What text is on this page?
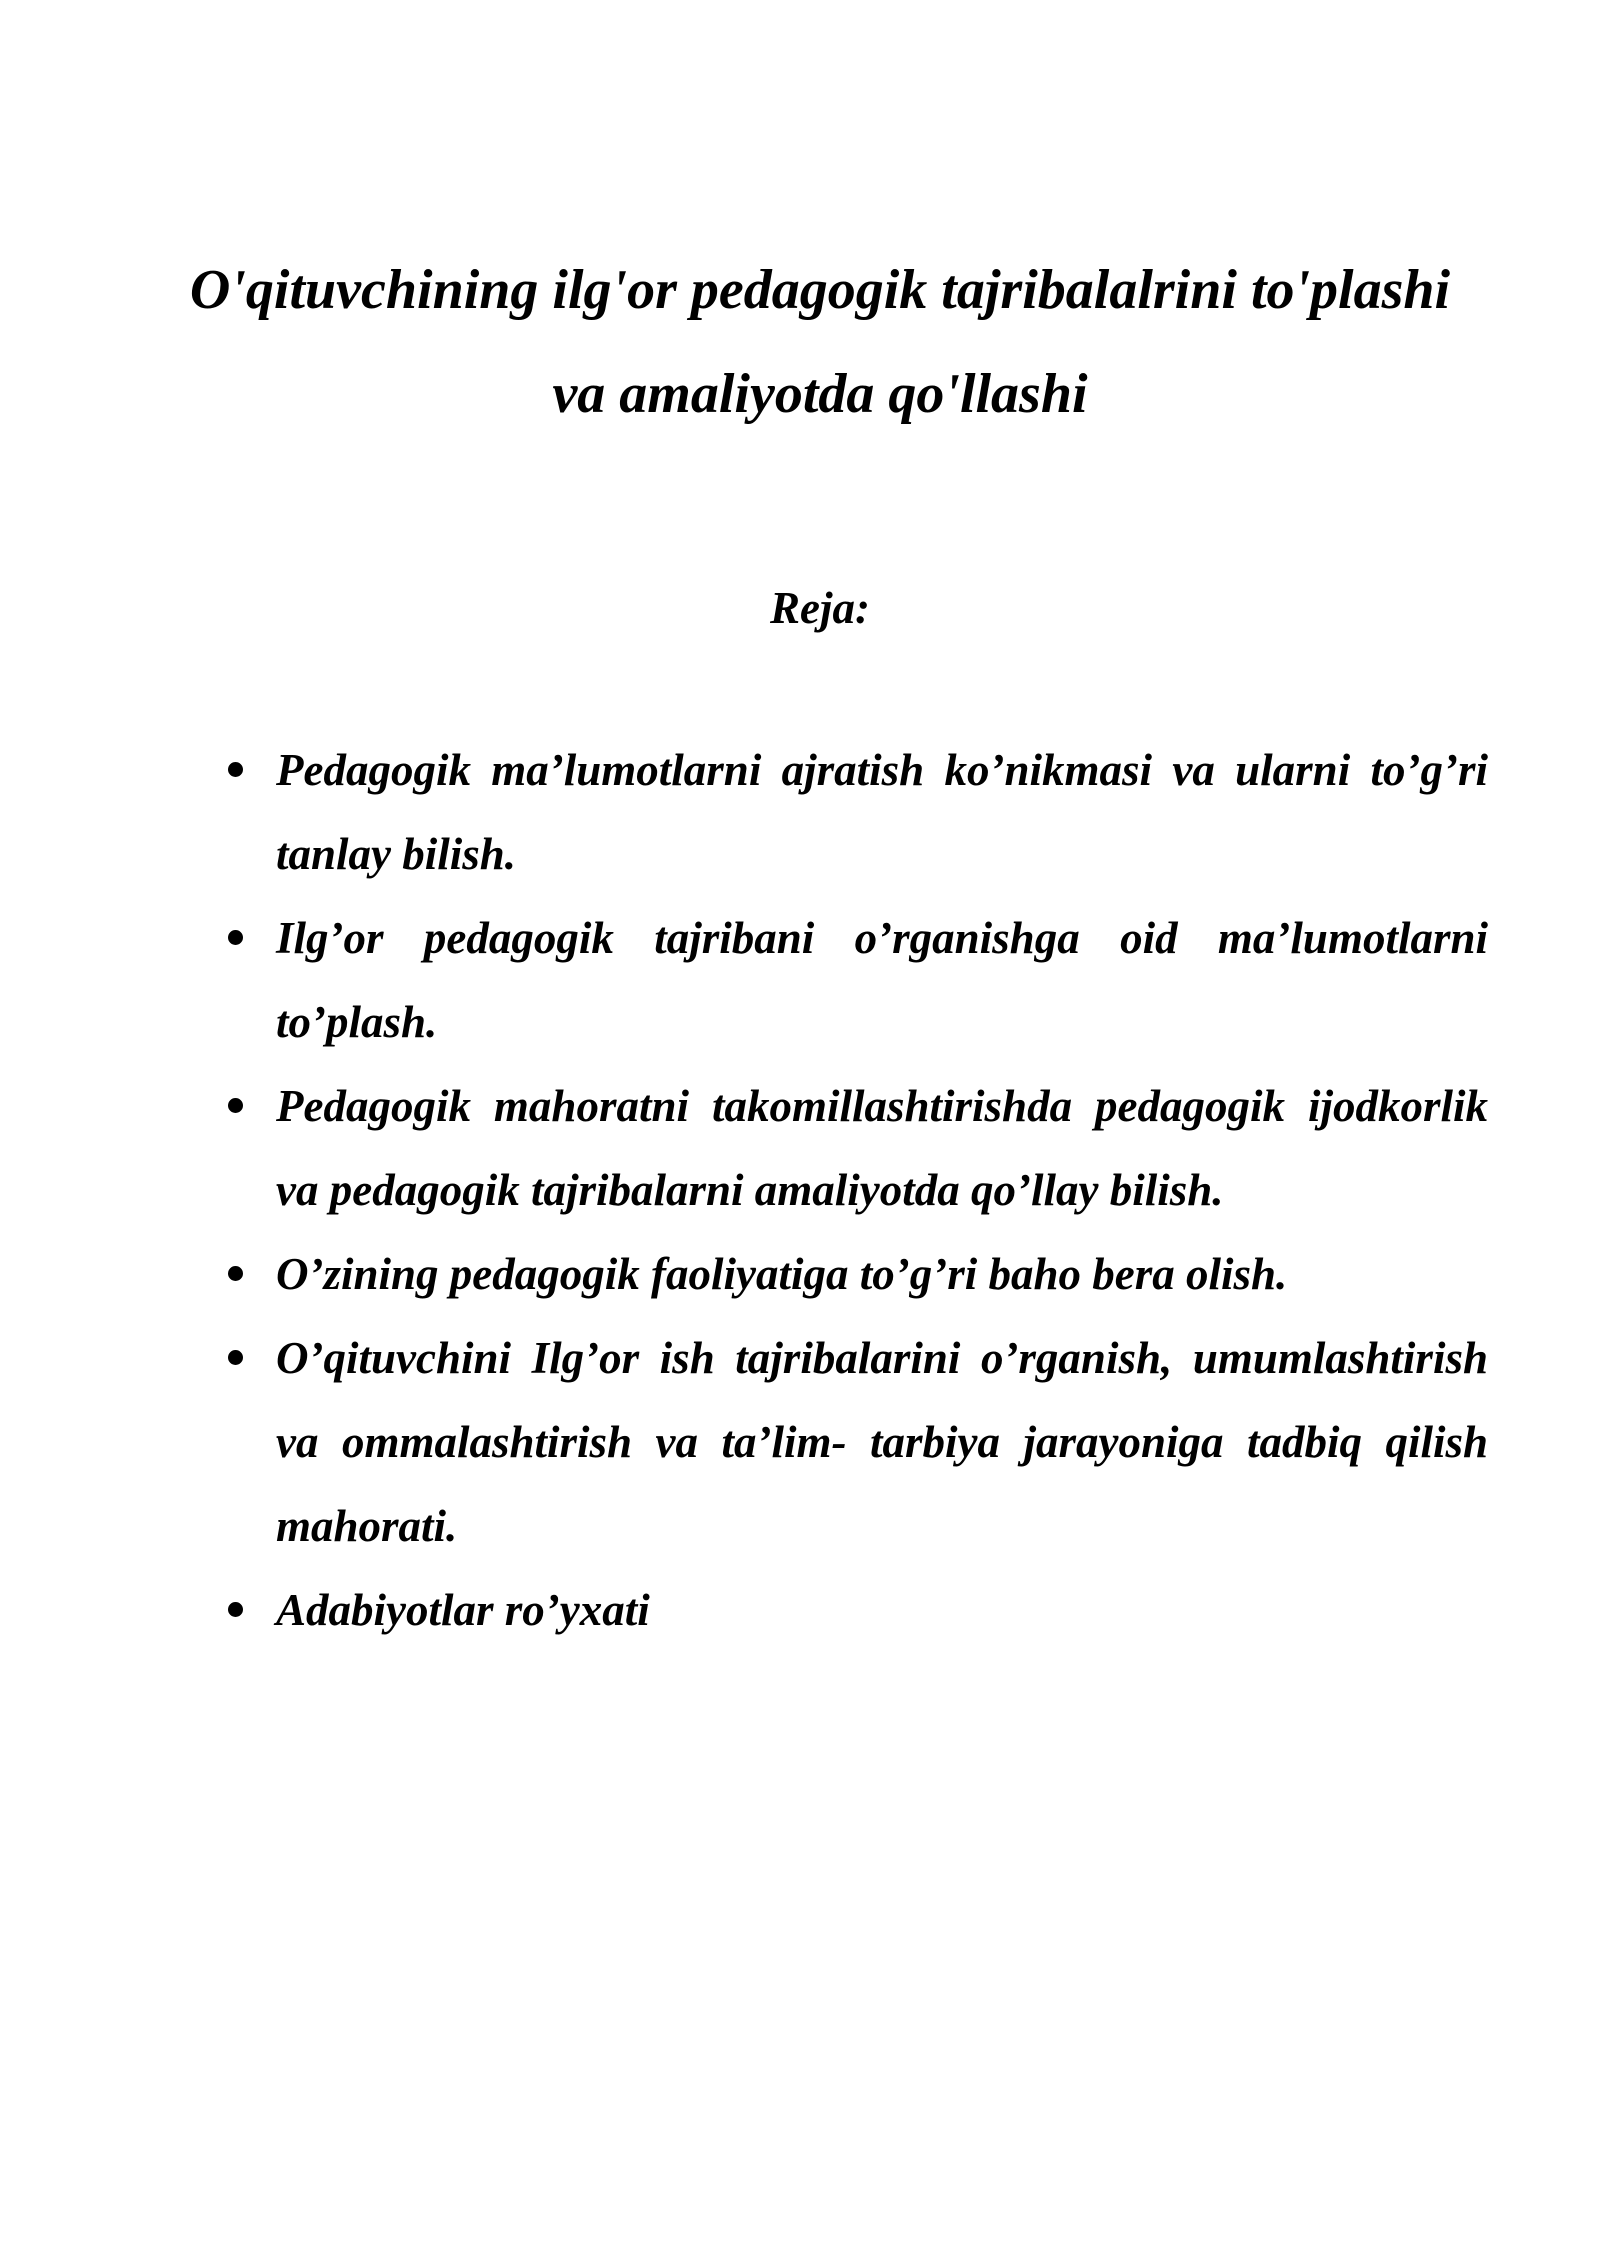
O'qituvchining ilg'or pedagogik tajribalalrini to'plashi
va amaliyotda qo'llashi
Reja:
Pedagogik ma’lumotlarni ajratish ko’nikmasi va ularni to’g’ri tanlay bilish.
Ilg’or pedagogik tajribani o’rganishga oid ma’lumotlarni to’plash.
Pedagogik mahoratni takomillashtirishda pedagogik ijodkorlik va pedagogik tajribalarni amaliyotda qo’llay bilish.
O’zining pedagogik faoliyatiga to’g’ri baho bera olish.
O’qituvchini Ilg’or ish tajribalarini o’rganish, umumlashtirish va ommalashtirish va ta’lim- tarbiya jarayoniga tadbiq qilish mahorati.
Adabiyotlar ro’yxati
